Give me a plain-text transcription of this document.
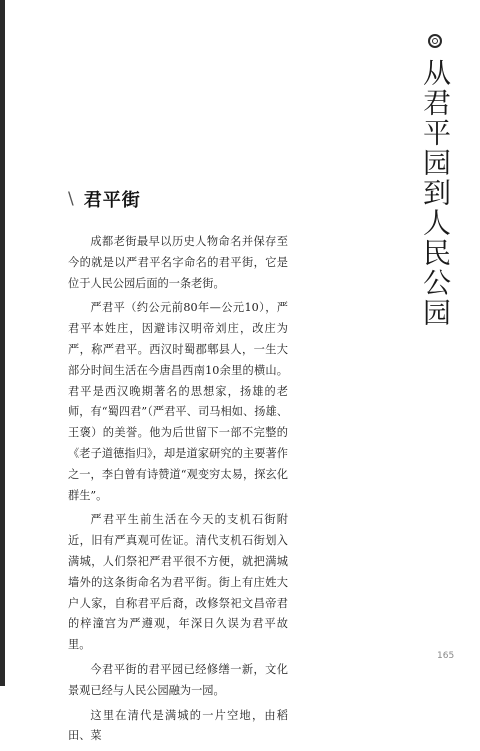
从君平园到人民公园
\ 君平街

成都老街最早以历史人物命名并保存至今的就是以严君平名字命名的君平街，它是位于人民公园后面的一条老街。

严君平（约公元前80年—公元10），严君平本姓庄，因避讳汉明帝刘庄，改庄为严，称严君平。西汉时蜀郡郫县人，一生大部分时间生活在今唐昌西南10余里的横山。君平是西汉晚期著名的思想家，扬雄的老师，有“蜀四君”（严君平、司马相如、扬雄、王褒）的美誉。他为后世留下一部不完整的《老子道德指归》，却是道家研究的主要著作之一，李白曾有诗赞道“观变穷太易，探玄化群生”。

严君平生前生活在今天的支机石街附近，旧有严真观可佐证。清代支机石街划入满城，人们祭祀严君平很不方便，就把满城墙外的这条街命名为君平街。街上有庄姓大户人家，自称君平后裔，改修祭祀文昌帝君的梓潼宫为严遵观，年深日久误为君平故里。

今君平街的君平园已经修缮一新，文化景观已经与人民公园融为一园。

这里在清代是满城的一片空地，由稻田、菜

165
